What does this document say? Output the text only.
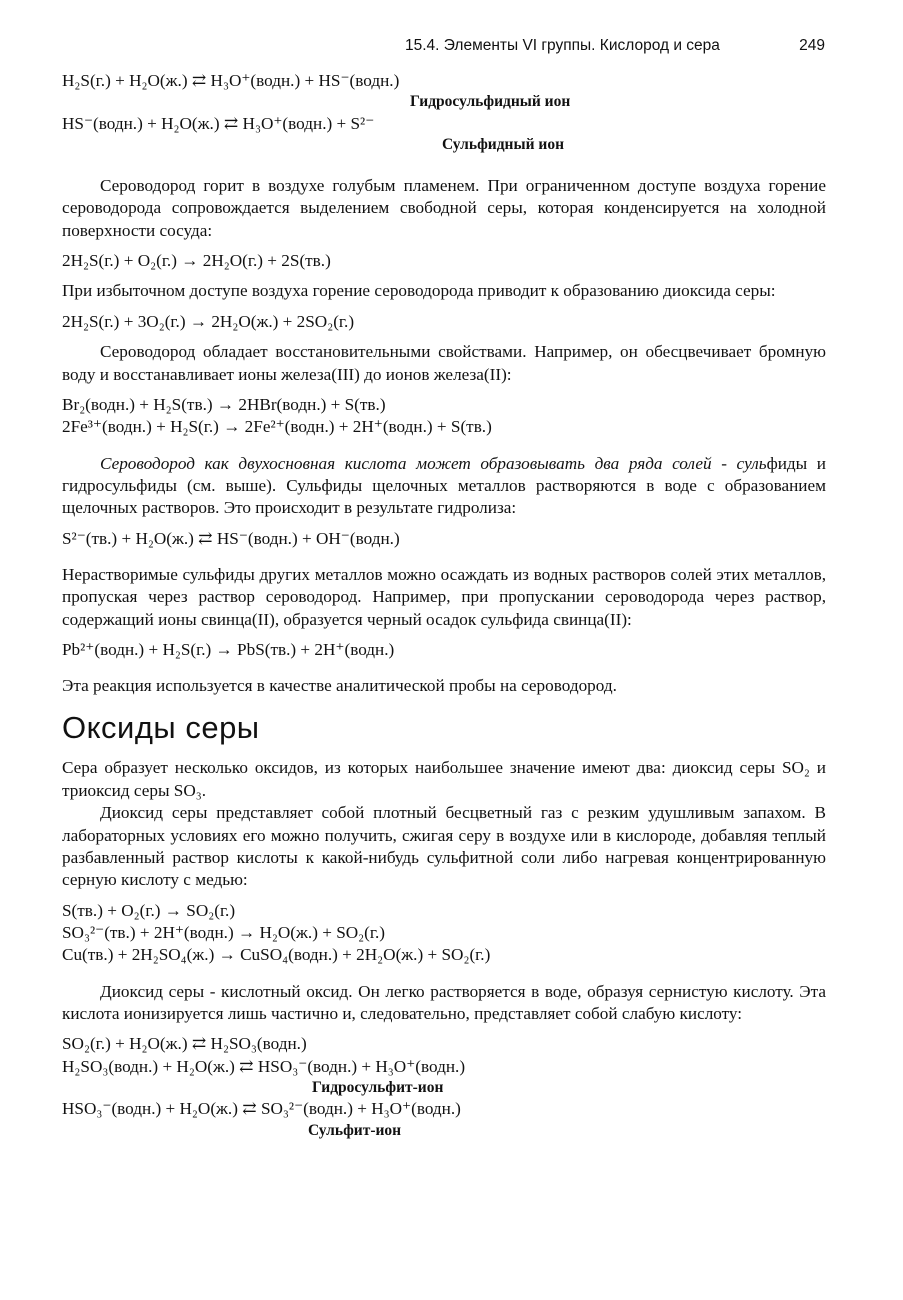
15.4. Элементы VI группы. Кислород и сера	249

H₂S(г.) + H₂O(ж.) ⇄ H₃O⁺(водн.) + HS⁻(водн.)

Гидросульфидный ион

HS⁻(водн.) + H₂O(ж.) ⇄ H₃O⁺(водн.) + S²⁻

Сульфидный ион

Сероводород горит в воздухе голубым пламенем. При ограниченном доступе воздуха горение сероводорода сопровождается выделением свободной серы, которая конденсируется на холодной поверхности сосуда:

2H₂S(г.) + O₂(г.) → 2H₂O(г.) + 2S(тв.)

При избыточном доступе воздуха горение сероводорода приводит к образованию диоксида серы:

2H₂S(г.) + 3O₂(г.) → 2H₂O(ж.) + 2SO₂(г.)

Сероводород обладает восстановительными свойствами. Например, он обесцвечивает бромную воду и восстанавливает ионы железа(III) до ионов железа(II):

Br₂(водн.) + H₂S(тв.) → 2HBr(водн.) + S(тв.)

2Fe³⁺(водн.) + H₂S(г.) → 2Fe²⁺(водн.) + 2H⁺(водн.) + S(тв.)

Сероводород как двухосновная кислота может образовывать два ряда солей - сульфиды и гидросульфиды (см. выше). Сульфиды щелочных металлов растворяются в воде с образованием щелочных растворов. Это происходит в результате гидролиза:

S²⁻(тв.) + H₂O(ж.) ⇄ HS⁻(водн.) + OH⁻(водн.)

Нерастворимые сульфиды других металлов можно осаждать из водных растворов солей этих металлов, пропуская через раствор сероводород. Например, при пропускании сероводорода через раствор, содержащий ионы свинца(II), образуется черный осадок сульфида свинца(II):

Pb²⁺(водн.) + H₂S(г.) → PbS(тв.) + 2H⁺(водн.)

Эта реакция используется в качестве аналитической пробы на сероводород.

Оксиды серы

Сера образует несколько оксидов, из которых наибольшее значение имеют два: диоксид серы SO₂ и триоксид серы SO₃.

Диоксид серы представляет собой плотный бесцветный газ с резким удушливым запахом. В лабораторных условиях его можно получить, сжигая серу в воздухе или в кислороде, добавляя теплый разбавленный раствор кислоты к какой-нибудь сульфитной соли либо нагревая концентрированную серную кислоту с медью:

S(тв.) + O₂(г.) → SO₂(г.)

SO₃²⁻(тв.) + 2H⁺(водн.) → H₂O(ж.) + SO₂(г.)

Cu(тв.) + 2H₂SO₄(ж.) → CuSO₄(водн.) + 2H₂O(ж.) + SO₂(г.)

Диоксид серы - кислотный оксид. Он легко растворяется в воде, образуя сернистую кислоту. Эта кислота ионизируется лишь частично и, следовательно, представляет собой слабую кислоту:

SO₂(г.) + H₂O(ж.) ⇄ H₂SO₃(водн.)

H₂SO₃(водн.) + H₂O(ж.) ⇄ HSO₃⁻(водн.) + H₃O⁺(водн.)

Гидросульфит-ион

HSO₃⁻(водн.) + H₂O(ж.) ⇄ SO₃²⁻(водн.) + H₃O⁺(водн.)

Сульфит-ион
